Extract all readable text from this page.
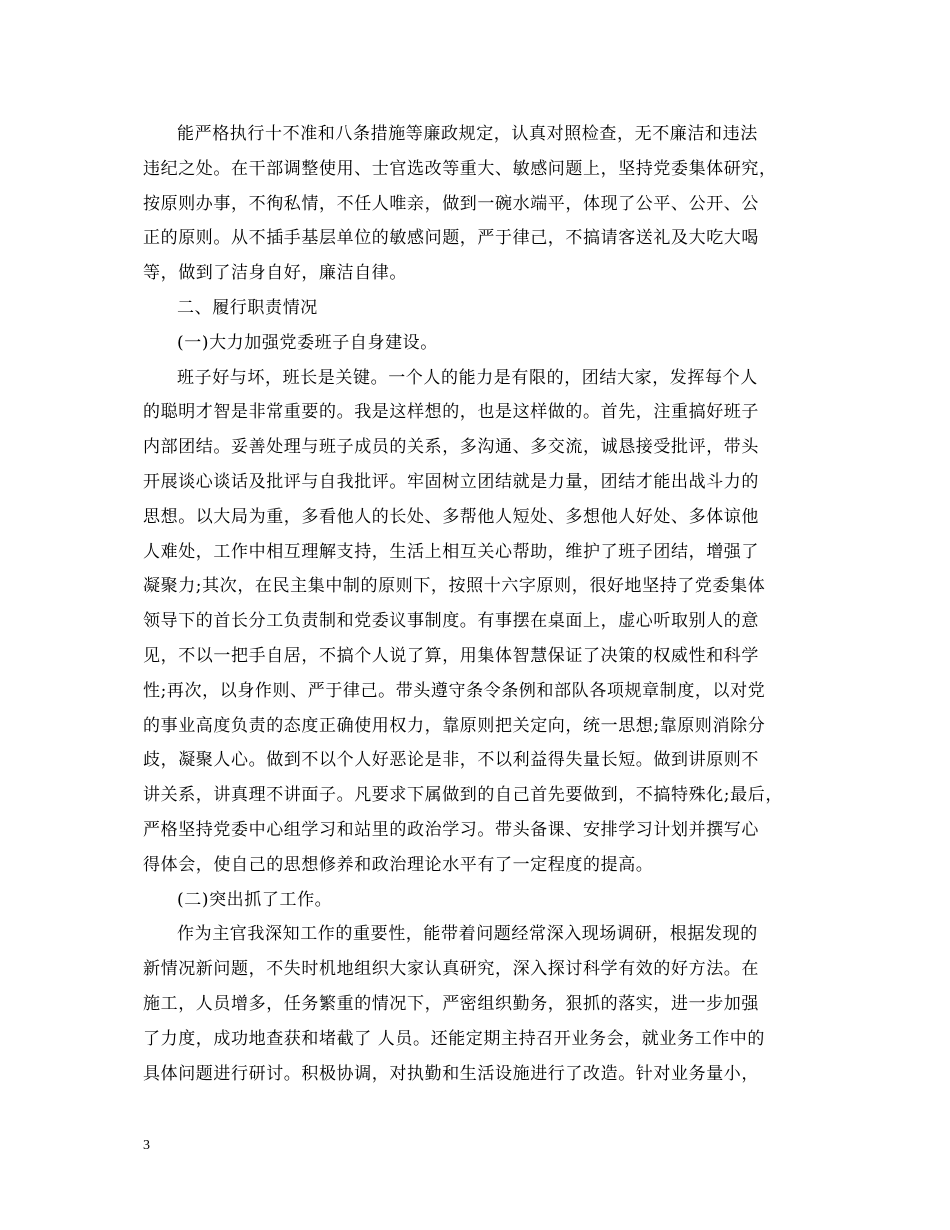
能严格执行十不准和八条措施等廉政规定，认真对照检查，无不廉洁和违法
违纪之处。在干部调整使用、士官选改等重大、敏感问题上，坚持党委集体研究，
按原则办事，不徇私情，不任人唯亲，做到一碗水端平，体现了公平、公开、公
正的原则。从不插手基层单位的敏感问题，严于律己，不搞请客送礼及大吃大喝
等，做到了洁身自好，廉洁自律。
二、履行职责情况
(一)大力加强党委班子自身建设。
班子好与坏，班长是关键。一个人的能力是有限的，团结大家，发挥每个人
的聪明才智是非常重要的。我是这样想的，也是这样做的。首先，注重搞好班子
内部团结。妥善处理与班子成员的关系，多沟通、多交流，诚恳接受批评，带头
开展谈心谈话及批评与自我批评。牢固树立团结就是力量，团结才能出战斗力的
思想。以大局为重，多看他人的长处、多帮他人短处、多想他人好处、多体谅他
人难处，工作中相互理解支持，生活上相互关心帮助，维护了班子团结，增强了
凝聚力;其次，在民主集中制的原则下，按照十六字原则，很好地坚持了党委集体
领导下的首长分工负责制和党委议事制度。有事摆在桌面上，虚心听取别人的意
见，不以一把手自居，不搞个人说了算，用集体智慧保证了决策的权威性和科学
性;再次，以身作则、严于律己。带头遵守条令条例和部队各项规章制度，以对党
的事业高度负责的态度正确使用权力，靠原则把关定向，统一思想;靠原则消除分
歧，凝聚人心。做到不以个人好恶论是非，不以利益得失量长短。做到讲原则不
讲关系，讲真理不讲面子。凡要求下属做到的自己首先要做到，不搞特殊化;最后，
严格坚持党委中心组学习和站里的政治学习。带头备课、安排学习计划并撰写心
得体会，使自己的思想修养和政治理论水平有了一定程度的提高。
(二)突出抓了工作。
作为主官我深知工作的重要性，能带着问题经常深入现场调研，根据发现的
新情况新问题，不失时机地组织大家认真研究，深入探讨科学有效的好方法。在
施工，人员增多，任务繁重的情况下，严密组织勤务，狠抓的落实，进一步加强
了力度，成功地查获和堵截了 人员。还能定期主持召开业务会，就业务工作中的
具体问题进行研讨。积极协调，对执勤和生活设施进行了改造。针对业务量小，
3
